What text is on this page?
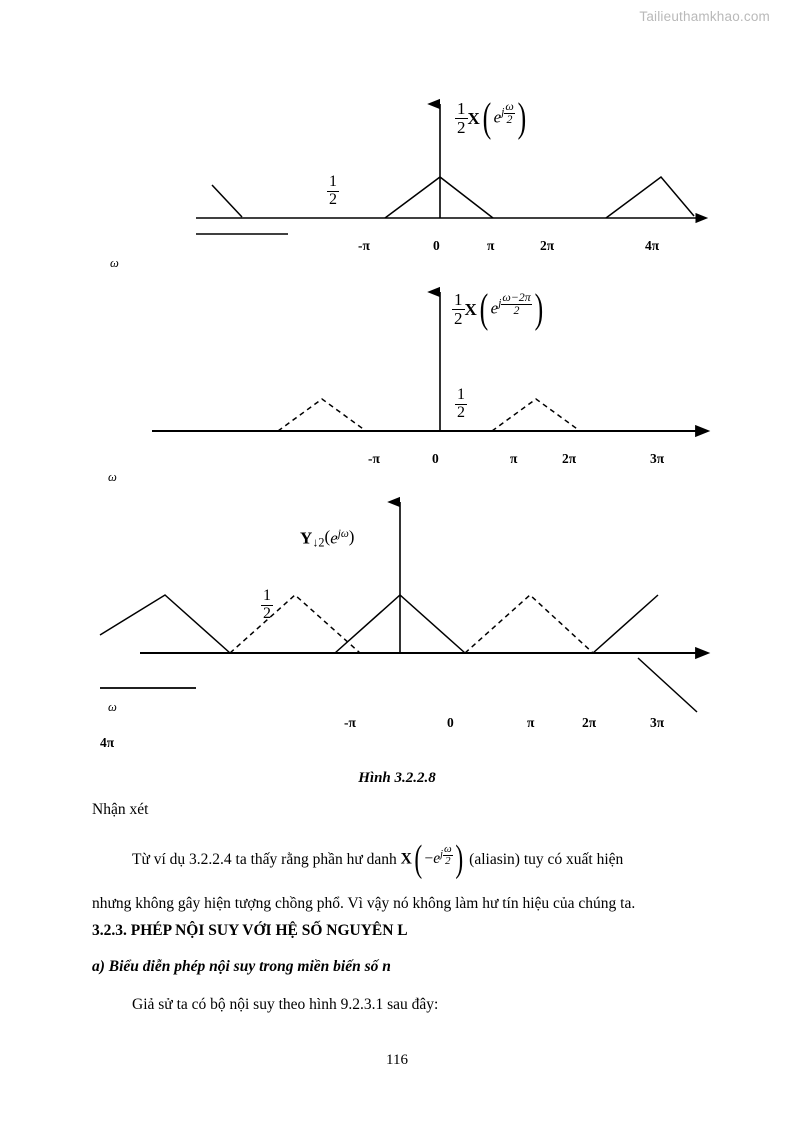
Tailieuthamkhao.com
$\frac{1}{2} X$( $e^j \frac{\omega}{2}$ )
$\frac{1}{2}$
ω
-π	0	π	2π	4π
$\frac{1}{2} X$( $e^j \frac{\omega-2\pi}{2}$ )
$\frac{1}{2}$
ω
-π	0	π	2π	3π
$Y_{↓2}(e^{j\omega})$
$\frac{1}{2}$
ω
4π
-π	0	π	2π	3π
Hình 3.2.2.8
Nhận xét
Từ ví dụ 3.2.2.4 ta thấy rằng phần hư danh $X( -e^j \frac{\omega}{2}$ ) (aliasin) tuy có xuất hiện
nhưng không gây hiện tượng chồng phổ. Vì vậy nó không làm hư tín hiệu của chúng ta.
3.2.3. PHÉP NỘI SUY VỚI HỆ SỐ NGUYÊN L
a) Biểu diễn phép nội suy trong miền biến số n
Giả sử ta có bộ nội suy theo hình 9.2.3.1 sau đây:
116
